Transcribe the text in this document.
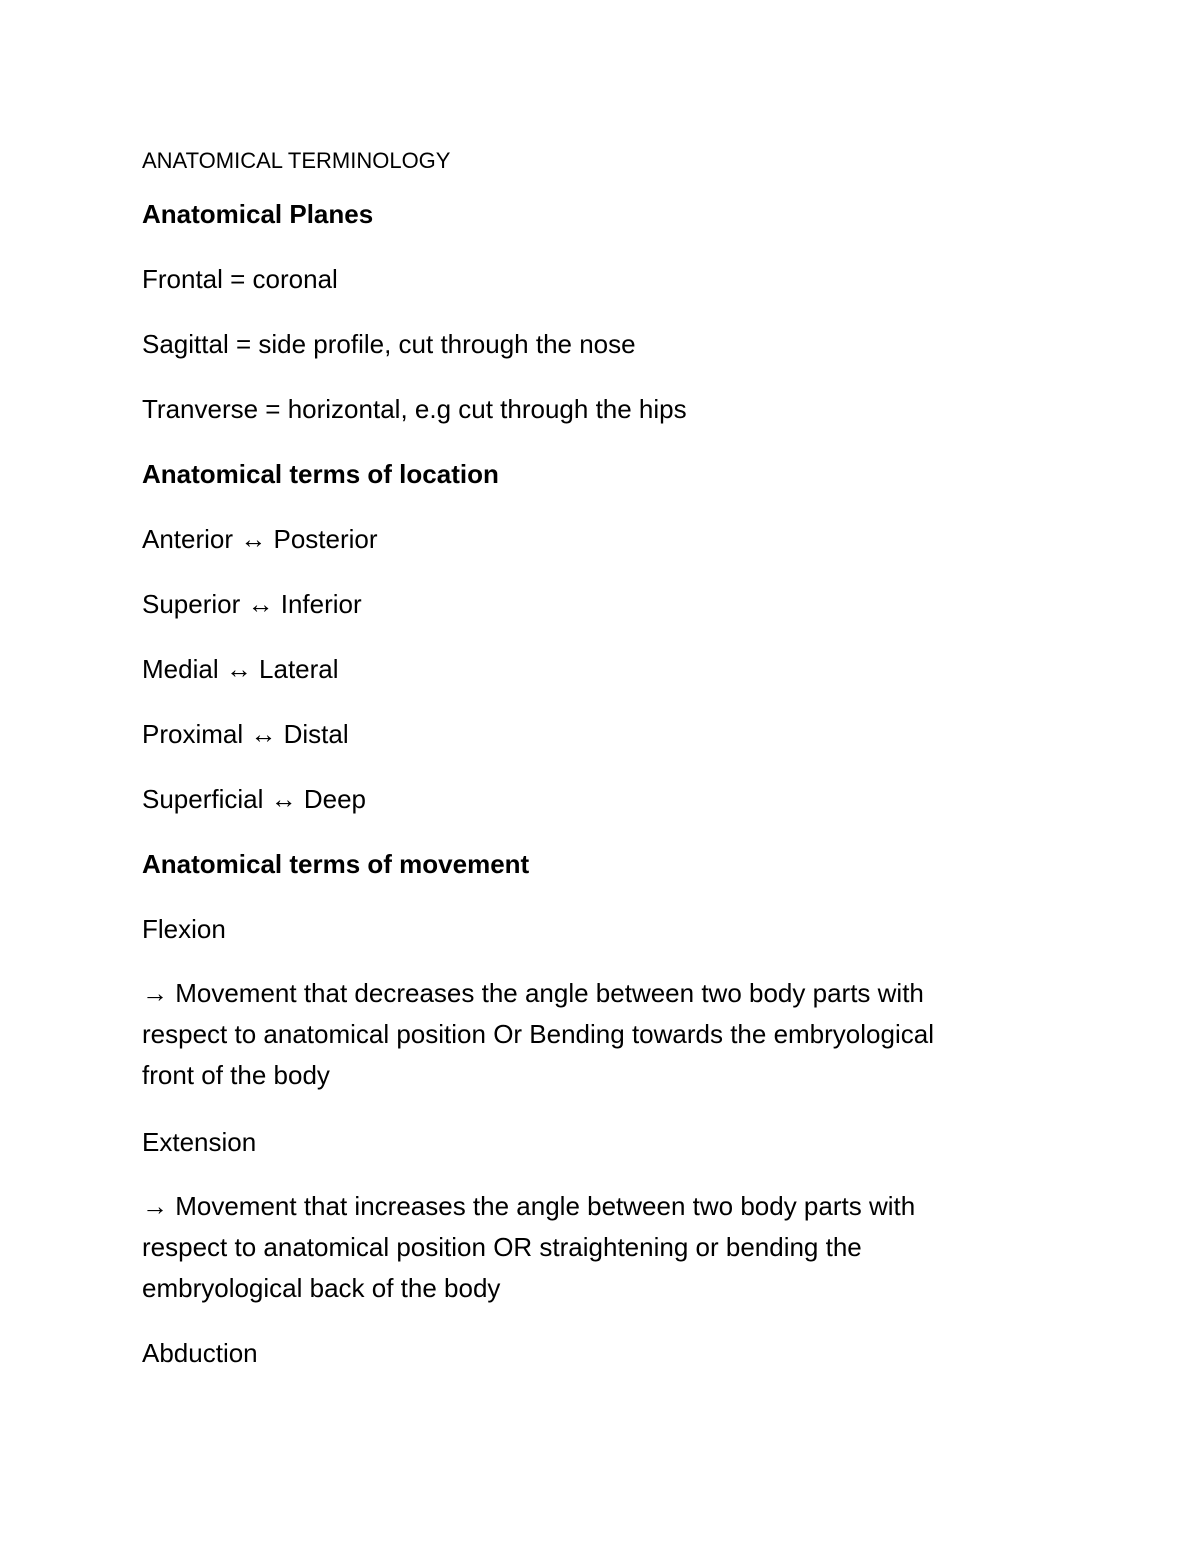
ANATOMICAL TERMINOLOGY

Anatomical Planes

Frontal = coronal

Sagittal = side profile, cut through the nose

Tranverse = horizontal, e.g cut through the hips

Anatomical terms of location

Anterior ↔ Posterior

Superior ↔ Inferior

Medial ↔ Lateral

Proximal ↔ Distal

Superficial ↔ Deep

Anatomical terms of movement

Flexion

→ Movement that decreases the angle between two body parts with
respect to anatomical position Or Bending towards the embryological
front of the body

Extension

→ Movement that increases the angle between two body parts with
respect to anatomical position OR straightening or bending the
embryological back of the body

Abduction
